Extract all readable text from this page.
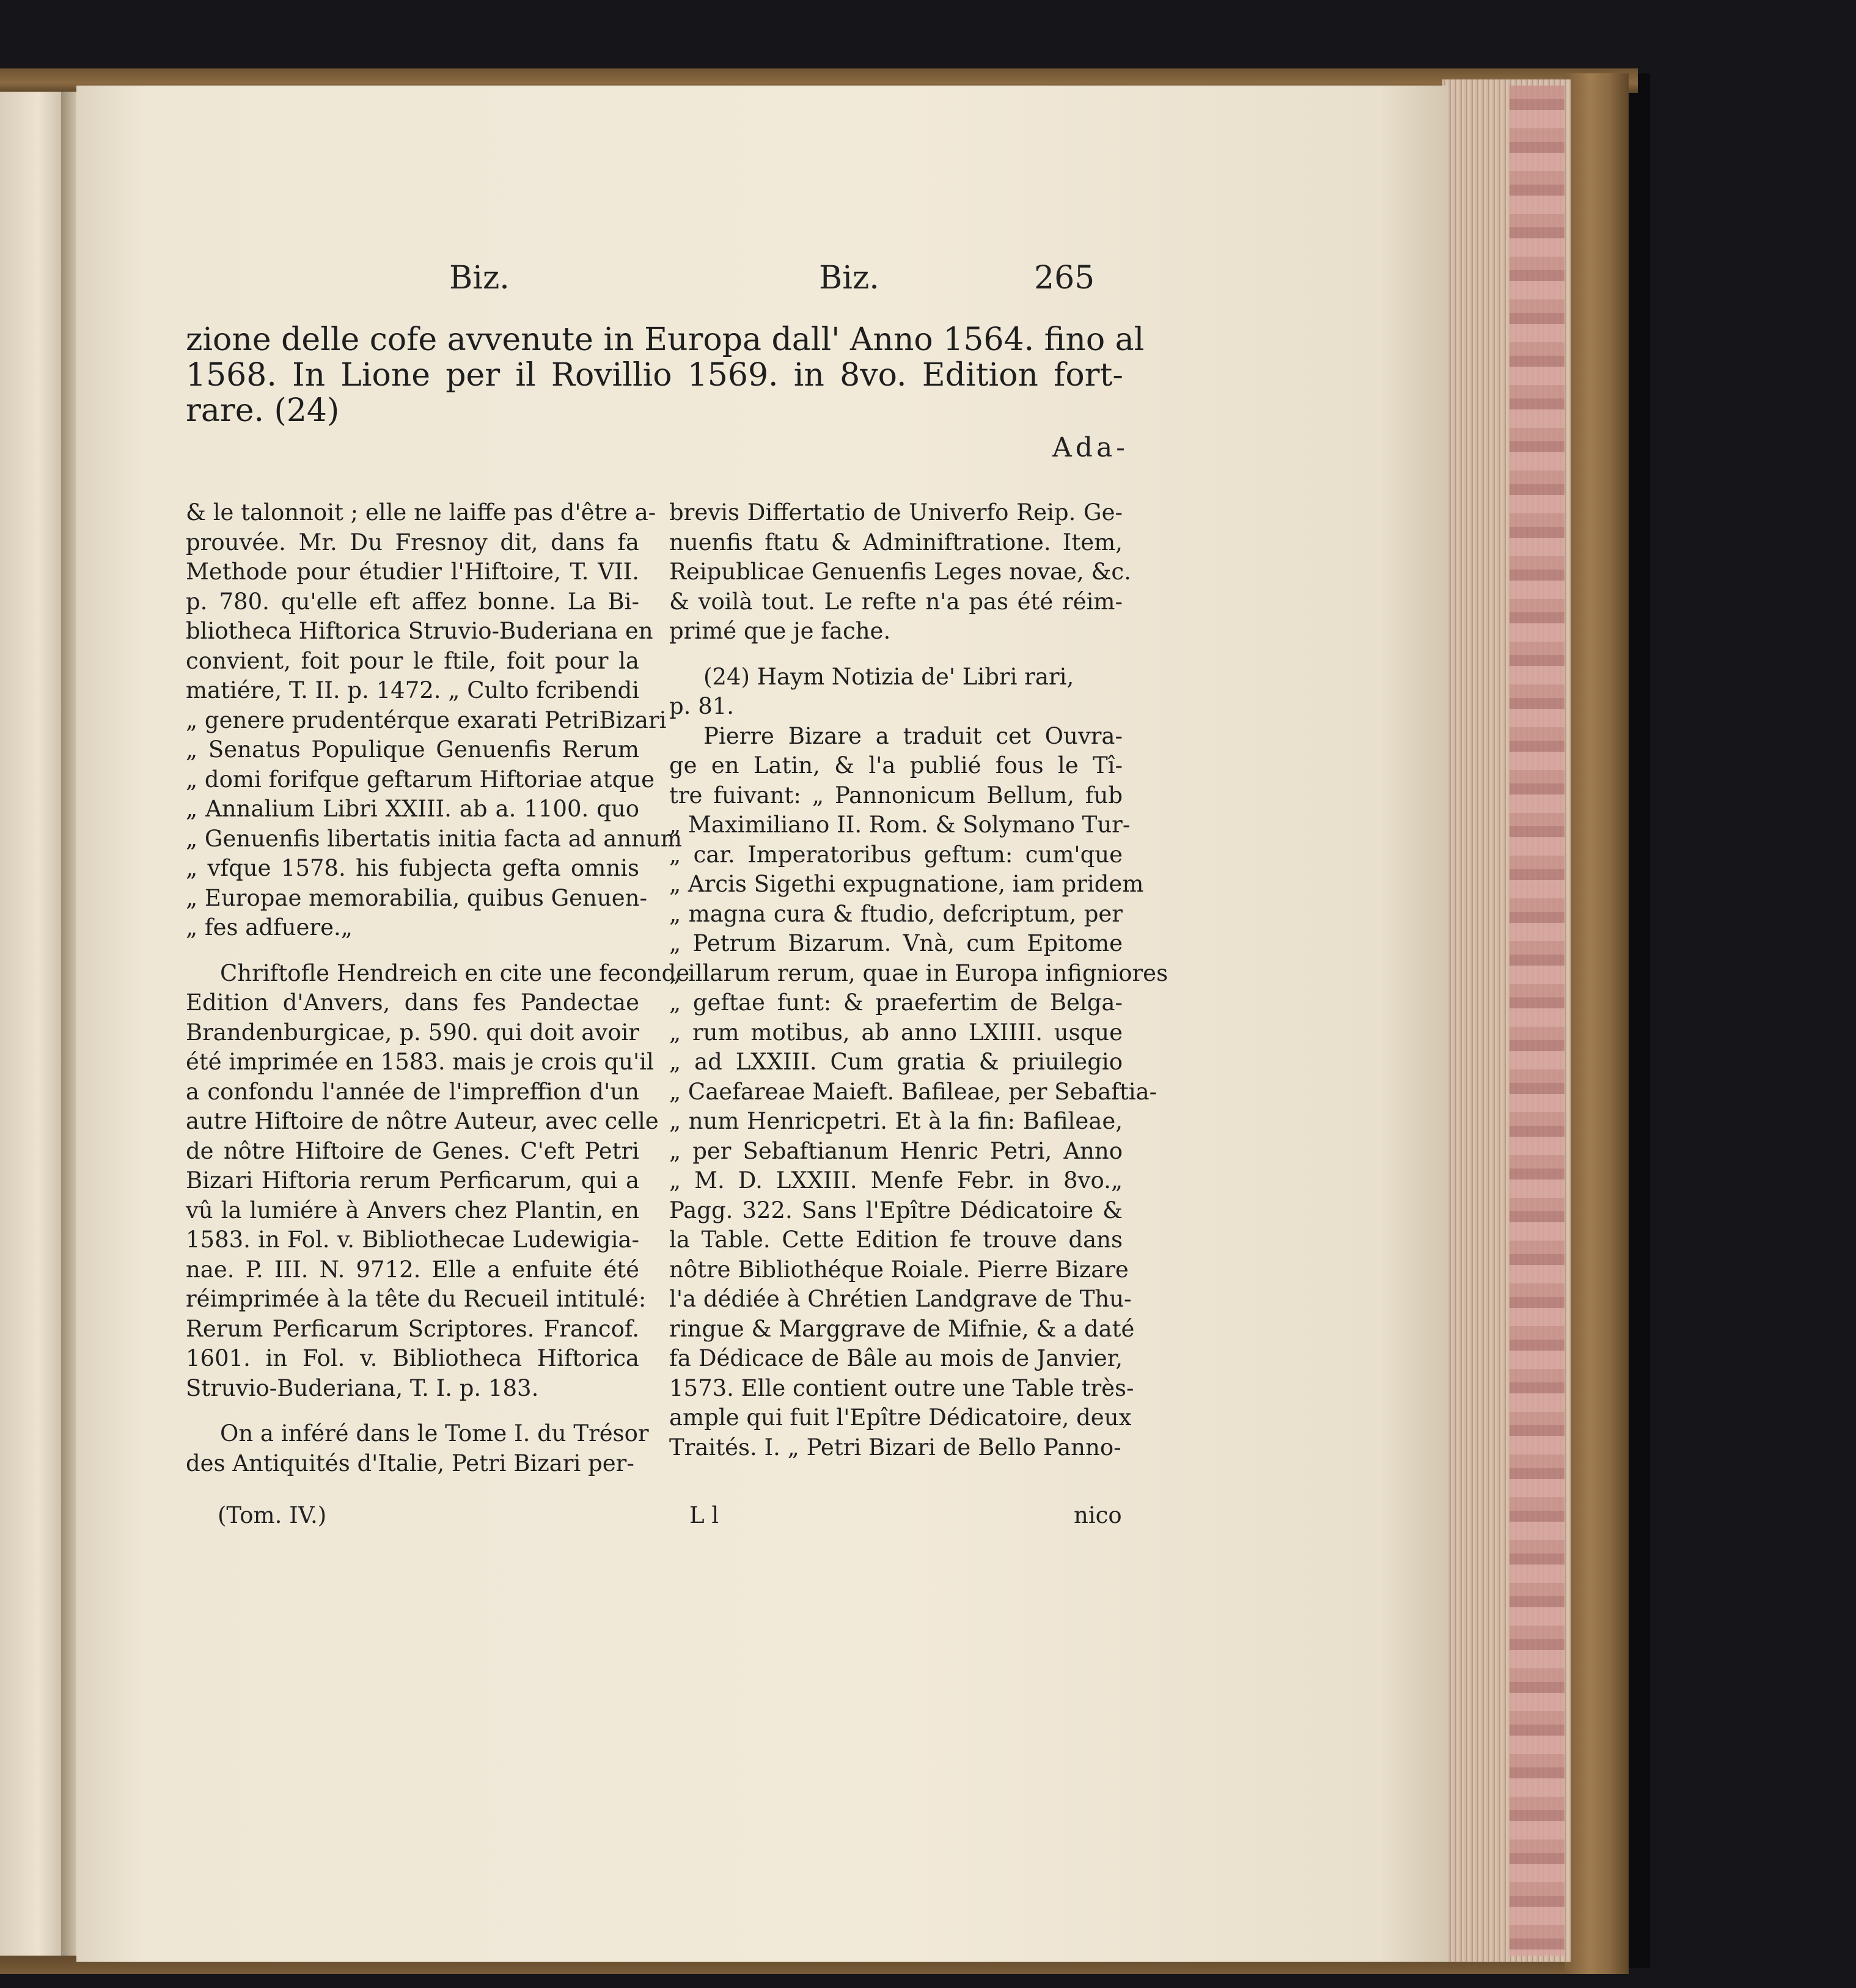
Biz.	Biz.	265
zione delle cofe avvenute in Europa dall' Anno 1564. fino al
1568. In Lione per il Rovillio 1569. in 8vo. Edition fort-
rare. (24)
Ada-
& le talonnoit ; elle ne laiffe pas d'être a-
prouvée. Mr. Du Fresnoy dit, dans fa
Methode pour étudier l'Hiftoire, T. VII.
p. 780. qu'elle eft affez bonne. La Bi-
bliotheca Hiftorica Struvio-Buderiana en
convient, foit pour le ftile, foit pour la
matiére, T. II. p. 1472. „ Culto fcribendi
„ genere prudentérque exarati PetriBizari
„ Senatus Populique Genuenfis Rerum
„ domi forifque geftarum Hiftoriae atque
„ Annalium Libri XXIII. ab a. 1100. quo
„ Genuenfis libertatis initia facta ad annum
„ vfque 1578. his fubjecta gefta omnis
„ Europae memorabilia, quibus Genuen-
„ fes adfuere.„
Chriftofle Hendreich en cite une feconde
Edition d'Anvers, dans fes Pandectae
Brandenburgicae, p. 590. qui doit avoir
été imprimée en 1583. mais je crois qu'il
a confondu l'année de l'impreffion d'un
autre Hiftoire de nôtre Auteur, avec celle
de nôtre Hiftoire de Genes. C'eft Petri
Bizari Hiftoria rerum Perficarum, qui a
vû la lumiére à Anvers chez Plantin, en
1583. in Fol. v. Bibliothecae Ludewigia-
nae. P. III. N. 9712. Elle a enfuite été
réimprimée à la tête du Recueil intitulé:
Rerum Perficarum Scriptores. Francof.
1601. in Fol. v. Bibliotheca Hiftorica
Struvio-Buderiana, T. I. p. 183.
On a inféré dans le Tome I. du Trésor
des Antiquités d'Italie, Petri Bizari per-
brevis Differtatio de Univerfo Reip. Ge-
nuenfis ftatu & Adminiftratione. Item,
Reipublicae Genuenfis Leges novae, &c.
& voilà tout. Le refte n'a pas été réim-
primé que je fache.
(24) Haym Notizia de' Libri rari,
p. 81.
Pierre Bizare a traduit cet Ouvra-
ge en Latin, & l'a publié fous le Tî-
tre fuivant: „ Pannonicum Bellum, fub
„ Maximiliano II. Rom. & Solymano Tur-
„ car. Imperatoribus geftum: cum'que
„ Arcis Sigethi expugnatione, iam pridem
„ magna cura & ftudio, defcriptum, per
„ Petrum Bizarum. Vnà, cum Epitome
„ illarum rerum, quae in Europa infigniores
„ geftae funt: & praefertim de Belga-
„ rum motibus, ab anno LXIIII. usque
„ ad LXXIII. Cum gratia & priuilegio
„ Caefareae Maieft. Bafileae, per Sebaftia-
„ num Henricpetri. Et à la fin: Bafileae,
„ per Sebaftianum Henric Petri, Anno
„ M. D. LXXIII. Menfe Febr. in 8vo.„
Pagg. 322. Sans l'Epître Dédicatoire &
la Table. Cette Edition fe trouve dans
nôtre Bibliothéque Roiale. Pierre Bizare
l'a dédiée à Chrétien Landgrave de Thu-
ringue & Marggrave de Mifnie, & a daté
fa Dédicace de Bâle au mois de Janvier,
1573. Elle contient outre une Table très-
ample qui fuit l'Epître Dédicatoire, deux
Traités. I. „ Petri Bizari de Bello Panno-
(Tom. IV.)	L l	nico
